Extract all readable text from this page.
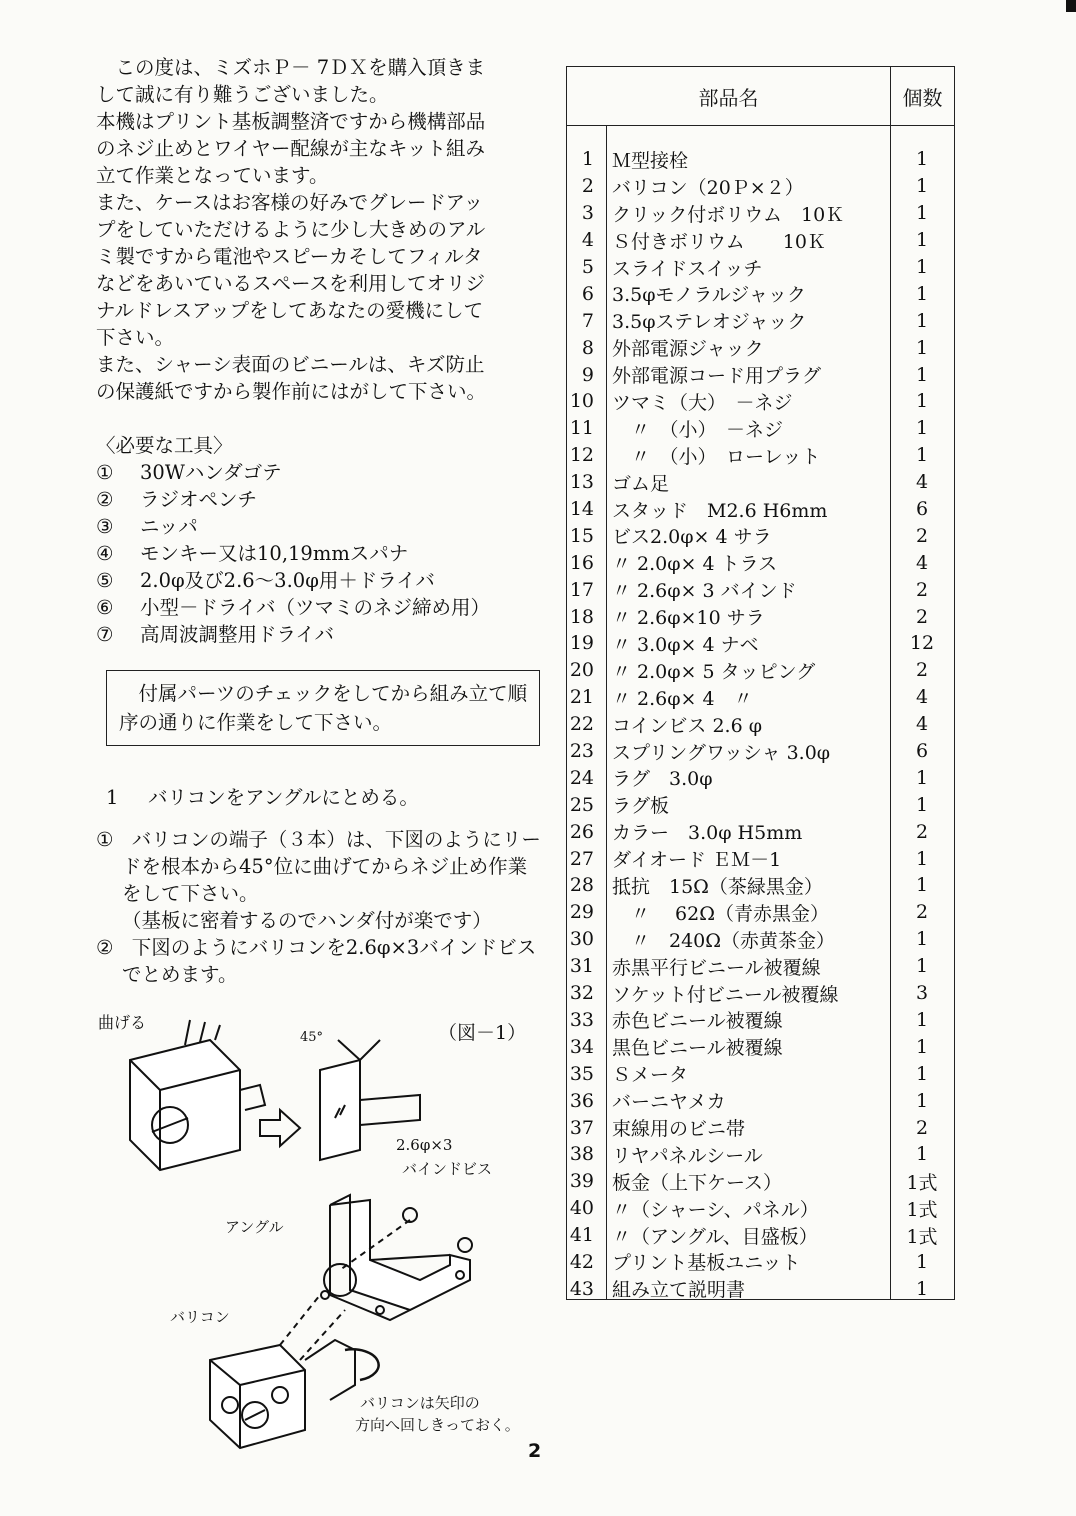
この度は、ミズホＰ－ 7ＤＸを購入頂きま

して誠に有り難うございました。

本機はプリント基板調整済ですから機構部品

のネジ止めとワイヤー配線が主なキット組み

立て作業となっています。

また、ケースはお客様の好みでグレードアッ

プをしていただけるように少し大きめのアル

ミ製ですから電池やスピーカそしてフィルタ

などをあいているスペースを利用してオリジ

ナルドレスアップをしてあなたの愛機にして

下さい。

また、シャーシ表面のビニールは、キズ防止

の保護紙ですから製作前にはがして下さい。

〈必要な工具〉

①	30Wハンダゴテ
②	ラジオペンチ
③	ニッパ
④	モンキー又は10,19mmスパナ
⑤	2.0φ及び2.6～3.0φ用＋ドライバ
⑥	小型－ドライバ（ツマミのネジ締め用）
⑦	高周波調整用ドライバ
付属パーツのチェックをしてから組み立て順序の通りに作業をして下さい。

1 バリコンをアングルにとめる。

① バリコンの端子（３本）は、下図のようにリードを根本から45°位に曲げてからネジ止め作業をして下さい。

（基板に密着するのでハンダ付が楽です）

② 下図のようにバリコンを2.6φ×3バインドビスでとめます。
曲げる	（図－1）
45°
2.6φ×3
バインドビス
アングル
バリコン
バリコンは矢印の
方向へ回しきっておく。
部品名	個数
1 Ｍ型接栓	1
2 バリコン（20Ｐ×２）	1
3 クリック付ボリウム　10Ｋ	1
4 Ｓ付きボリウム　　10Ｋ	1
5 スライドスイッチ	1
6 3.5φモノラルジャック	1
7 3.5φステレオジャック	1
8 外部電源ジャック	1
9 外部電源コード用プラグ	1
10 ツマミ（大）　－ネジ	1
11 　〃　（小）　－ネジ	1
12 　〃　（小）　ローレット	1
13 ゴム足	4
14 スタッド　M2.6 H6mm	6
15 ビス2.0φ× 4 サラ	2
16 〃 2.0φ× 4 トラス	4
17 〃 2.6φ× 3 バインド	2
18 〃 2.6φ×10 サラ	2
19 〃 3.0φ× 4 ナベ	12
20 〃 2.0φ× 5 タッピング	2
21 〃 2.6φ× 4　〃	4
22 コインビス 2.6 φ	4
23 スプリングワッシャ 3.0φ	6
24 ラグ　3.0φ	1
25 ラグ板	1
26 カラー　3.0φ H5mm	2
27 ダイオード ＥＭ－1	1
28 抵抗　15Ω（茶緑黒金）	1
29 　〃　 62Ω（青赤黒金）	2
30 　〃　240Ω（赤黄茶金）	1
31 赤黒平行ビニール被覆線	1
32 ソケット付ビニール被覆線	3
33 赤色ビニール被覆線	1
34 黒色ビニール被覆線	1
35 Ｓメータ	1
36 バーニヤメカ	1
37 束線用のビニ帯	2
38 リヤパネルシール	1
39 板金（上下ケース）	1式
40 〃（シャーシ、パネル）	1式
41 〃（アングル、目盛板）	1式
42 プリント基板ユニット	1
43 組み立て説明書	1
2
